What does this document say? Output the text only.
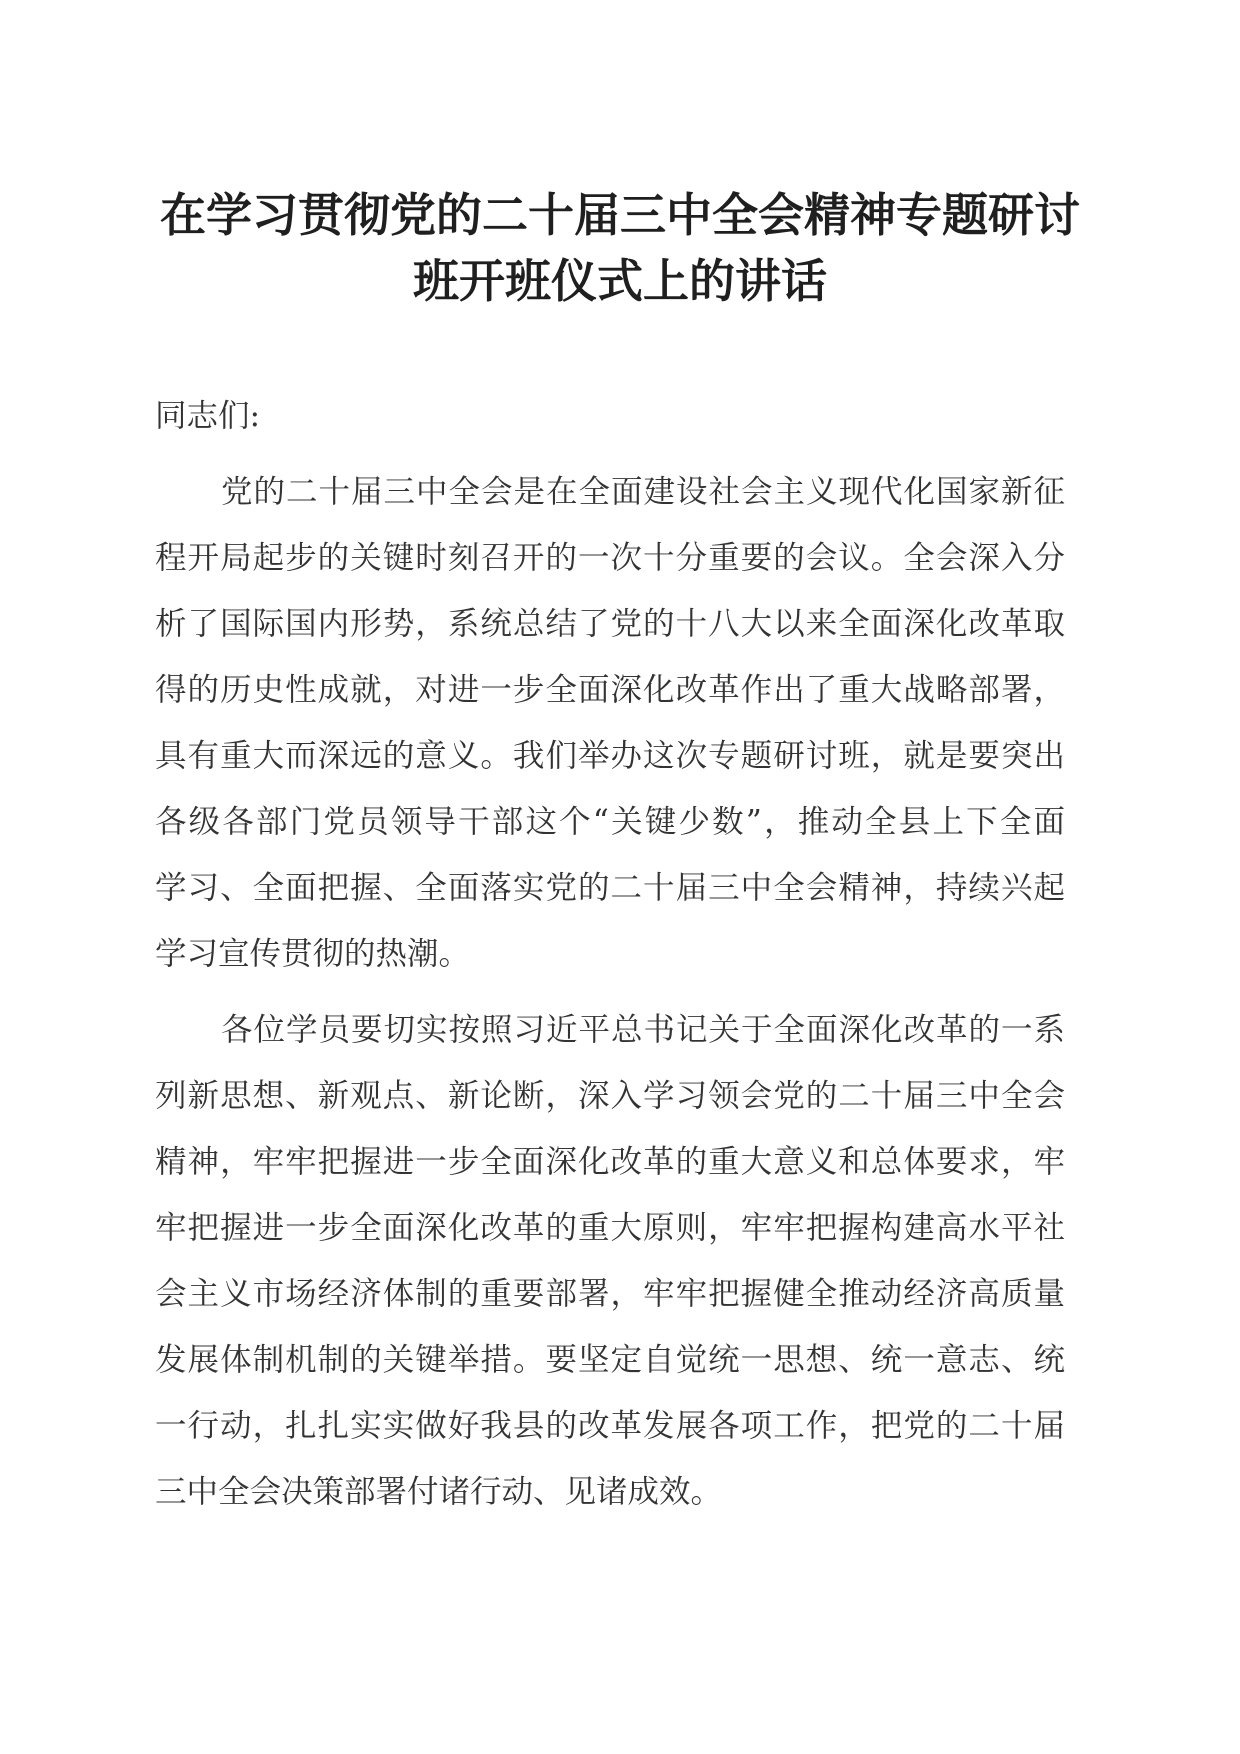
在学习贯彻党的二十届三中全会精神专题研讨
班开班仪式上的讲话
同志们:
党的二十届三中全会是在全面建设社会主义现代化国家新征
程开局起步的关键时刻召开的一次十分重要的会议。全会深入分
析了国际国内形势，系统总结了党的十八大以来全面深化改革取
得的历史性成就，对进一步全面深化改革作出了重大战略部署，
具有重大而深远的意义。我们举办这次专题研讨班，就是要突出
各级各部门党员领导干部这个“关键少数”，推动全县上下全面
学习、全面把握、全面落实党的二十届三中全会精神，持续兴起
学习宣传贯彻的热潮。
各位学员要切实按照习近平总书记关于全面深化改革的一系
列新思想、新观点、新论断，深入学习领会党的二十届三中全会
精神，牢牢把握进一步全面深化改革的重大意义和总体要求，牢
牢把握进一步全面深化改革的重大原则，牢牢把握构建高水平社
会主义市场经济体制的重要部署，牢牢把握健全推动经济高质量
发展体制机制的关键举措。要坚定自觉统一思想、统一意志、统
一行动，扎扎实实做好我县的改革发展各项工作，把党的二十届
三中全会决策部署付诸行动、见诸成效。
